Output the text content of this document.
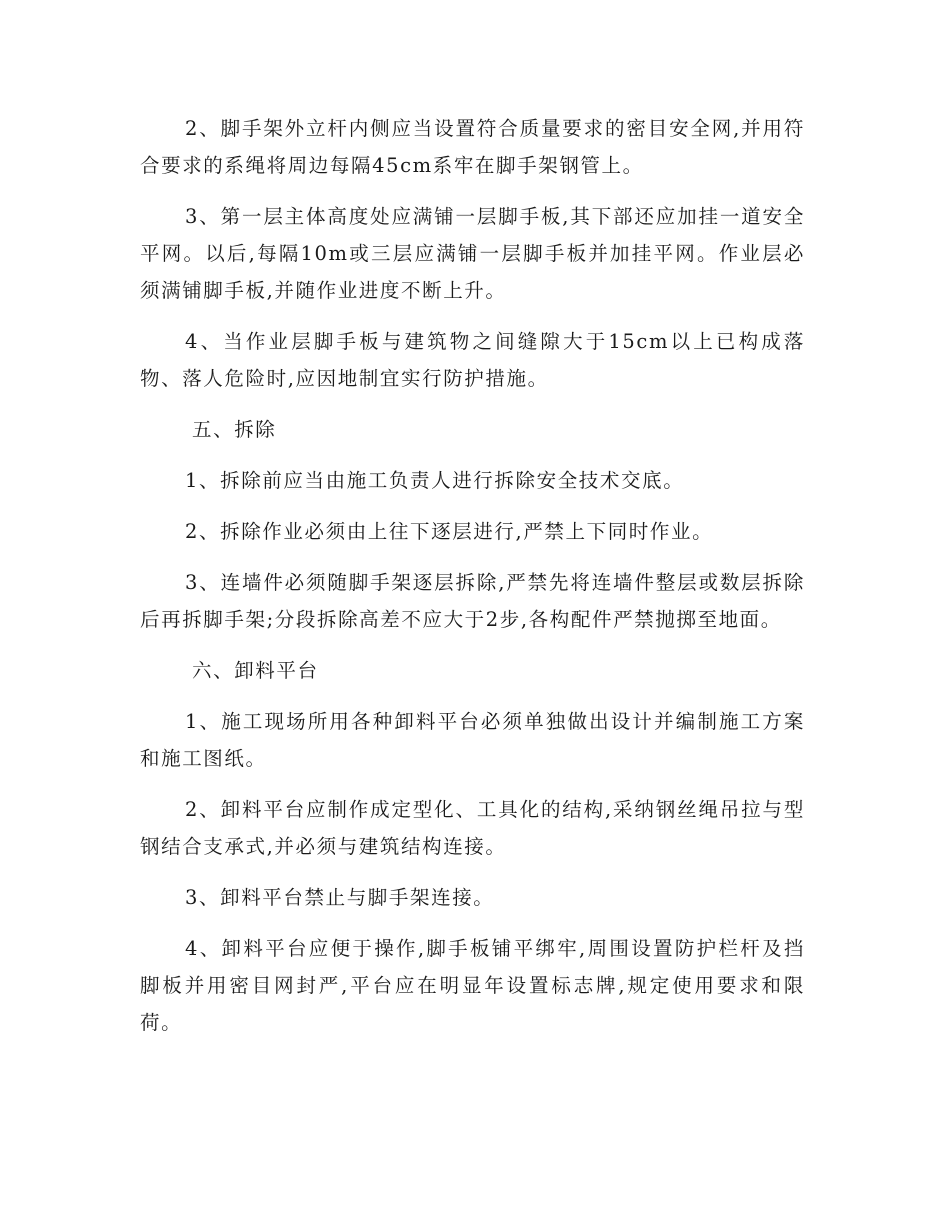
2、脚手架外立杆内侧应当设置符合质量要求的密目安全网,并用符合要求的系绳将周边每隔45cm系牢在脚手架钢管上。

3、第一层主体高度处应满铺一层脚手板,其下部还应加挂一道安全平网。以后,每隔10m或三层应满铺一层脚手板并加挂平网。作业层必须满铺脚手板,并随作业进度不断上升。

4、当作业层脚手板与建筑物之间缝隙大于15cm以上已构成落物、落人危险时,应因地制宜实行防护措施。

五、拆除

1、拆除前应当由施工负责人进行拆除安全技术交底。

2、拆除作业必须由上往下逐层进行,严禁上下同时作业。

3、连墙件必须随脚手架逐层拆除,严禁先将连墙件整层或数层拆除后再拆脚手架;分段拆除高差不应大于2步,各构配件严禁抛掷至地面。

六、卸料平台

1、施工现场所用各种卸料平台必须单独做出设计并编制施工方案和施工图纸。

2、卸料平台应制作成定型化、工具化的结构,采纳钢丝绳吊拉与型钢结合支承式,并必须与建筑结构连接。

3、卸料平台禁止与脚手架连接。

4、卸料平台应便于操作,脚手板铺平绑牢,周围设置防护栏杆及挡脚板并用密目网封严,平台应在明显年设置标志牌,规定使用要求和限荷。
